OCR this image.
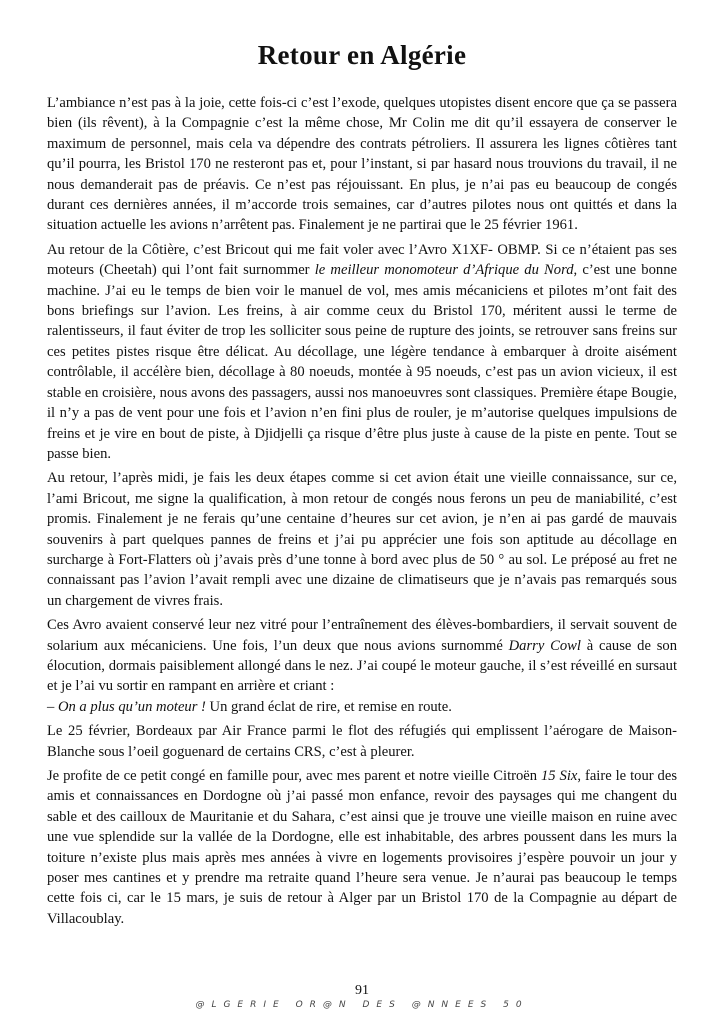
Retour en Algérie

L’ambiance n’est pas à la joie, cette fois-ci c’est l’exode, quelques utopistes disent encore que ça se passera bien (ils rêvent), à la Compagnie c’est la même chose, Mr Colin me dit qu’il essayera de conserver le maximum de personnel, mais cela va dépendre des contrats pétroliers. Il assurera les lignes côtières tant qu’il pourra, les Bristol 170 ne resteront pas et, pour l’instant, si par hasard nous trouvions du travail, il ne nous demanderait pas de préavis. Ce n’est pas réjouissant. En plus, je n’ai pas eu beaucoup de congés durant ces dernières années, il m’accorde trois semaines, car d’autres pilotes nous ont quittés et dans la situation actuelle les avions n’arrêtent pas. Finalement je ne partirai que le 25 février 1961.

Au retour de la Côtière, c’est Bricout qui me fait voler avec l’Avro X1XF- OBMP. Si ce n’étaient pas ses moteurs (Cheetah) qui l’ont fait surnommer le meilleur monomoteur d’Afrique du Nord, c’est une bonne machine. J’ai eu le temps de bien voir le manuel de vol, mes amis mécaniciens et pilotes m’ont fait des bons briefings sur l’avion. Les freins, à air comme ceux du Bristol 170, méritent aussi le terme de ralentisseurs, il faut éviter de trop les solliciter sous peine de rupture des joints, se retrouver sans freins sur ces petites pistes risque être délicat. Au décollage, une légère tendance à embarquer à droite aisément contrôlable, il accélère bien, décollage à 80 noeuds, montée à 95 noeuds, c’est pas un avion vicieux, il est stable en croisière, nous avons des passagers, aussi nos manoeuvres sont classiques. Première étape Bougie, il n’y a pas de vent pour une fois et l’avion n’en fini plus de rouler, je m’autorise quelques impulsions de freins et je vire en bout de piste, à Djidjelli ça risque d’être plus juste à cause de la piste en pente. Tout se passe bien.

Au retour, l’après midi, je fais les deux étapes comme si cet avion était une vieille connaissance, sur ce, l’ami Bricout, me signe la qualification, à mon retour de congés nous ferons un peu de maniabilité, c’est promis. Finalement je ne ferais qu’une centaine d’heures sur cet avion, je n’en ai pas gardé de mauvais souvenirs à part quelques pannes de freins et j’ai pu apprécier une fois son aptitude au décollage en surcharge à Fort-Flatters où j’avais près d’une tonne à bord avec plus de 50 ° au sol. Le préposé au fret ne connaissant pas l’avion l’avait rempli avec une dizaine de climatiseurs que je n’avais pas remarqués sous un chargement de vivres frais.

Ces Avro avaient conservé leur nez vitré pour l’entraînement des élèves-bombardiers, il servait souvent de solarium aux mécaniciens. Une fois, l’un deux que nous avions surnommé Darry Cowl à cause de son élocution, dormais paisiblement allongé dans le nez. J’ai coupé le moteur gauche, il s’est réveillé en sursaut et je l’ai vu sortir en rampant en arrière et criant :

– On a plus qu’un moteur ! Un grand éclat de rire, et remise en route.

Le 25 février, Bordeaux par Air France parmi le flot des réfugiés qui emplissent l’aérogare de Maison-Blanche sous l’oeil goguenard de certains CRS, c’est à pleurer.

Je profite de ce petit congé en famille pour, avec mes parent et notre vieille Citroën 15 Six, faire le tour des amis et connaissances en Dordogne où j’ai passé mon enfance, revoir des paysages qui me changent du sable et des cailloux de Mauritanie et du Sahara, c’est ainsi que je trouve une vieille maison en ruine avec une vue splendide sur la vallée de la Dordogne, elle est inhabitable, des arbres poussent dans les murs la toiture n’existe plus mais après mes années à vivre en logements provisoires j’espère pouvoir un jour y poser mes cantines et y prendre ma retraite quand l’heure sera venue. Je n’aurai pas beaucoup le temps cette fois ci, car le 15 mars, je suis de retour à Alger par un Bristol 170 de la Compagnie au départ de Villacoublay.

91
@LGERIE OR@N DES @NNEES 50
